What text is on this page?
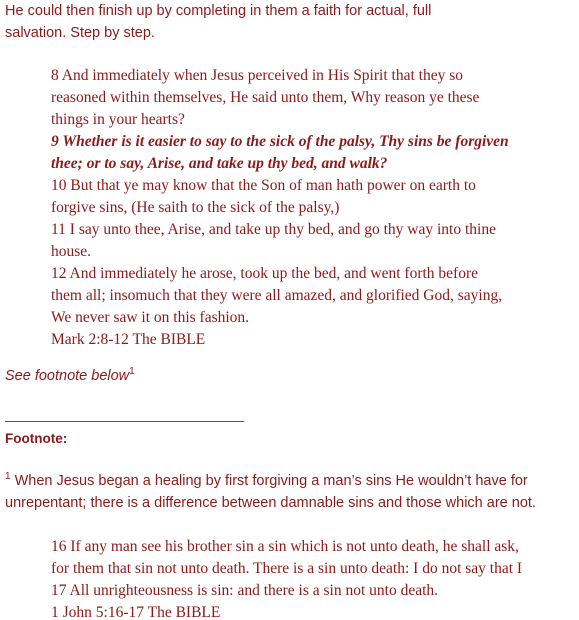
He could then finish up by completing in them a faith for actual, full
salvation. Step by step.
8 And immediately when Jesus perceived in His Spirit that they so
reasoned within themselves, He said unto them, Why reason ye these
things in your hearts?
9 Whether is it easier to say to the sick of the palsy, Thy sins be forgiven
thee; or to say, Arise, and take up thy bed, and walk?
10 But that ye may know that the Son of man hath power on earth to
forgive sins, (He saith to the sick of the palsy,)
11 I say unto thee, Arise, and take up thy bed, and go thy way into thine
house.
12 And immediately he arose, took up the bed, and went forth before
them all; insomuch that they were all amazed, and glorified God, saying,
We never saw it on this fashion.
Mark 2:8-12 The BIBLE
See footnote below$^1$
Footnote:
$^1$ When Jesus began a healing by first forgiving a man’s sins He wouldn’t have for
unrepentant; there is a difference between damnable sins and those which are not.
16 If any man see his brother sin a sin which is not unto death, he shall ask,
for them that sin not unto death. There is a sin unto death: I do not say that I
17 All unrighteousness is sin: and there is a sin not unto death.
1 John 5:16-17 The BIBLE
